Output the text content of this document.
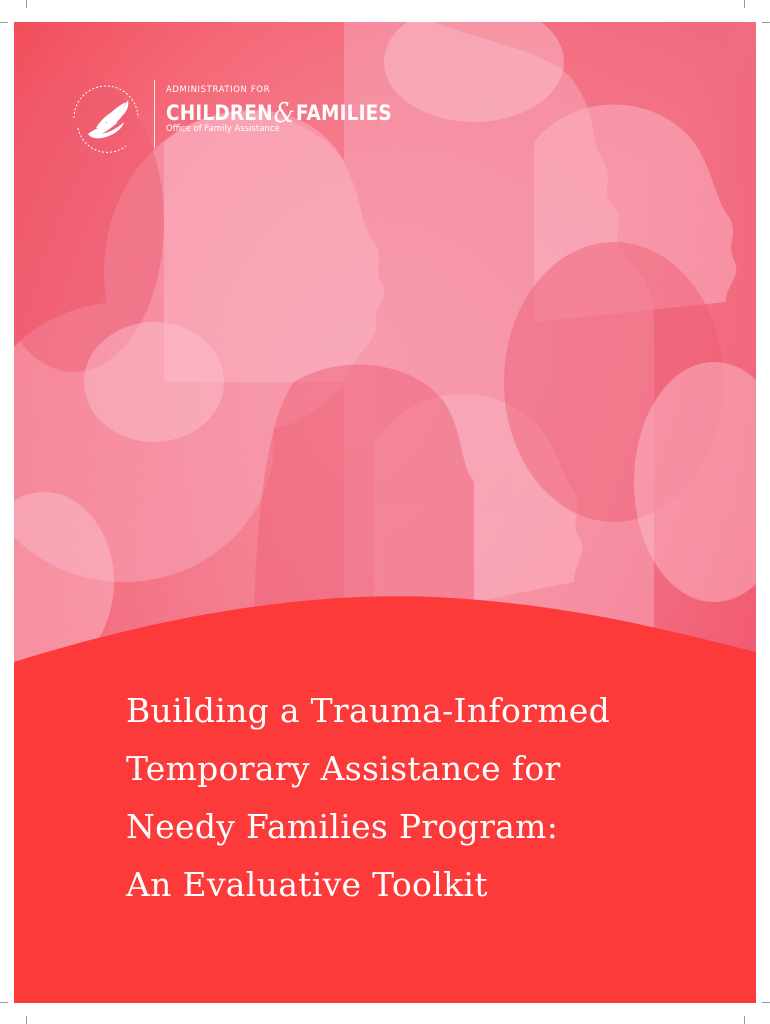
ADMINISTRATION FOR
CHILDREN&FAMILIES
Office of Family Assistance
Building a Trauma-Informed
Temporary Assistance for
Needy Families Program:
An Evaluative Toolkit
